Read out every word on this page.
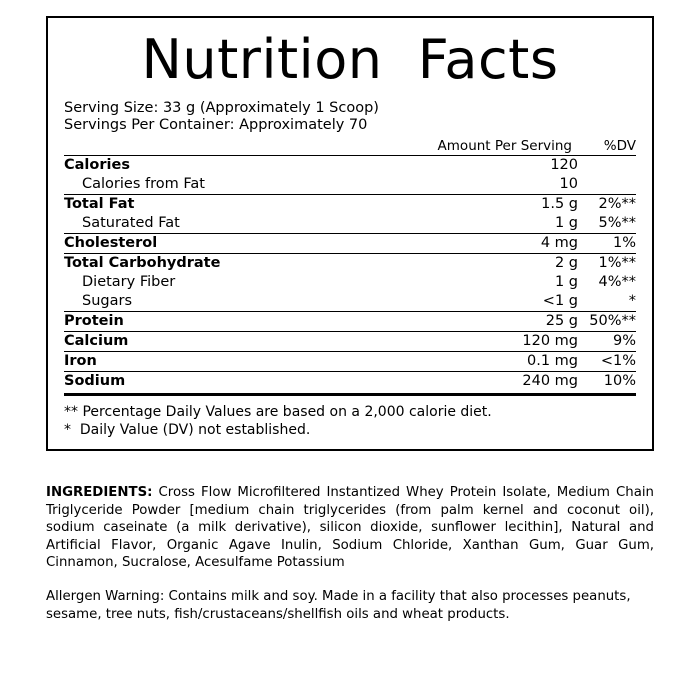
Nutrition  Facts
Serving Size: 33 g (Approximately 1 Scoop)
Servings Per Container: Approximately 70
	Amount Per Serving	%DV
Calories	120	
Calories from Fat	10	
Total Fat	1.5 g	2%**
Saturated Fat	1 g	5%**
Cholesterol	4 mg	1%
Total Carbohydrate	2 g	1%**
Dietary Fiber	1 g	4%**
Sugars	<1 g	*
Protein	25 g	50%**
Calcium	120 mg	9%
Iron	0.1 mg	<1%
Sodium	240 mg	10%
** Percentage Daily Values are based on a 2,000 calorie diet.
*  Daily Value (DV) not established.
INGREDIENTS: Cross Flow Microfiltered Instantized Whey Protein Isolate, Medium Chain Triglyceride Powder [medium chain triglycerides (from palm kernel and coconut oil), sodium caseinate (a milk derivative), silicon dioxide, sunflower lecithin], Natural and Artificial Flavor, Organic Agave Inulin, Sodium Chloride, Xanthan Gum, Guar Gum, Cinnamon, Sucralose, Acesulfame Potassium
Allergen Warning: Contains milk and soy. Made in a facility that also processes peanuts, sesame, tree nuts, fish/crustaceans/shellfish oils and wheat products.
